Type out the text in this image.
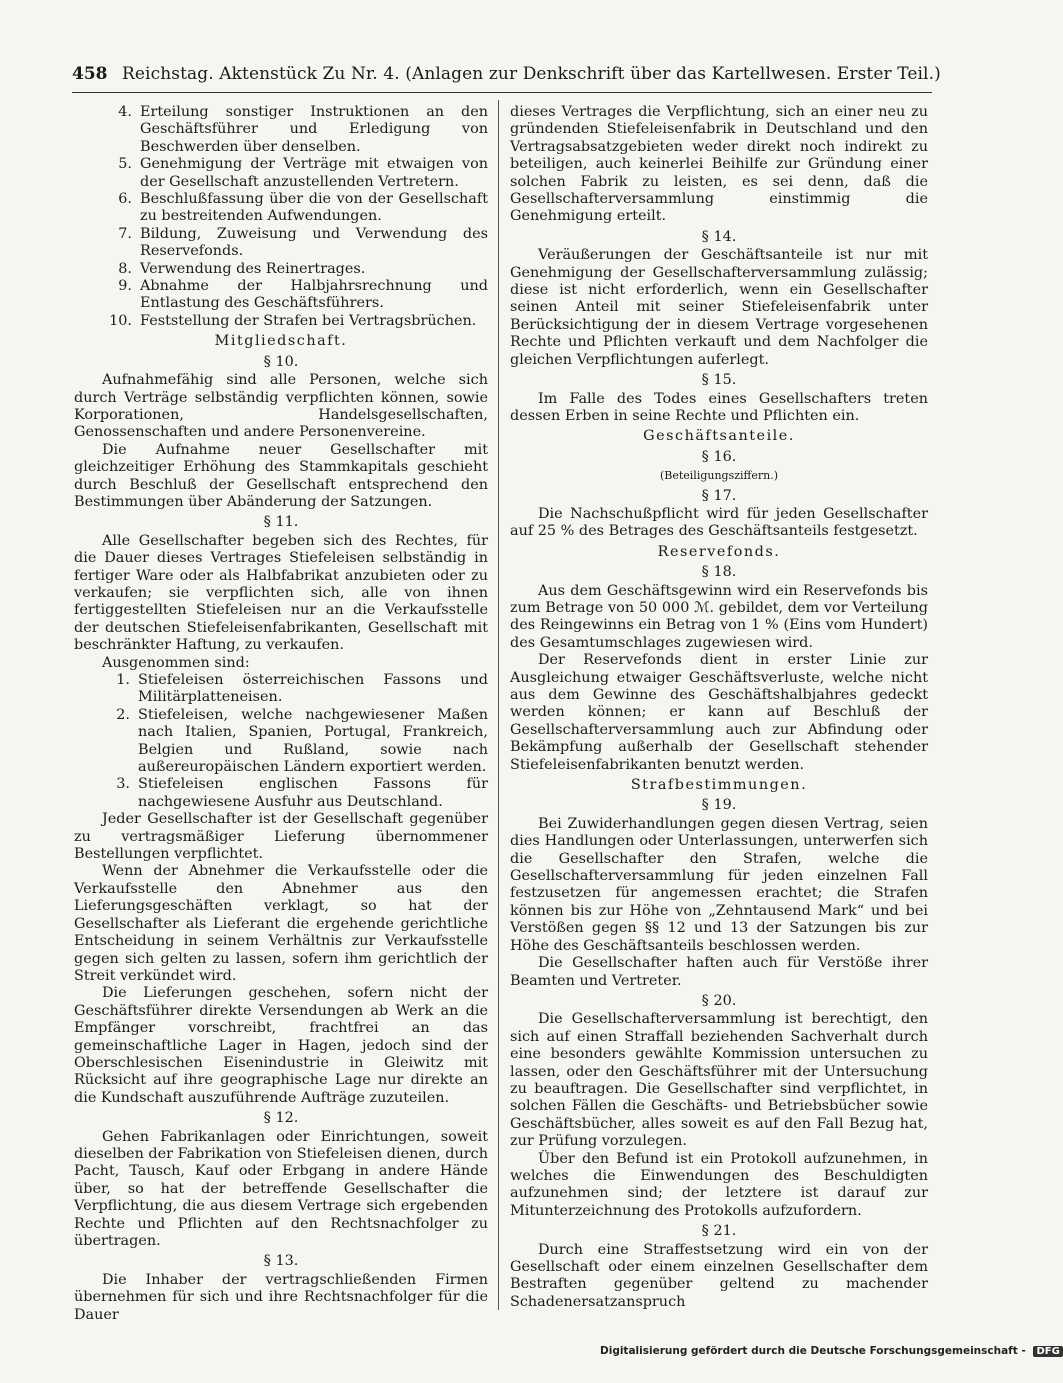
458 Reichstag. Aktenstück Zu Nr. 4. (Anlagen zur Denkschrift über das Kartellwesen. Erster Teil.)
4. Erteilung sonstiger Instruktionen an den Geschäftsführer und Erledigung von Beschwerden über denselben.
5. Genehmigung der Verträge mit etwaigen von der Gesellschaft anzustellenden Vertretern.
6. Beschlußfassung über die von der Gesellschaft zu bestreitenden Aufwendungen.
7. Bildung, Zuweisung und Verwendung des Reservefonds.
8. Verwendung des Reinertrages.
9. Abnahme der Halbjahrsrechnung und Entlastung des Geschäftsführers.
10. Feststellung der Strafen bei Vertragsbrüchen.
Mitgliedschaft.
§ 10.

Aufnahmefähig sind alle Personen, welche sich durch Verträge selbständig verpflichten können, sowie Korporationen, Handelsgesellschaften, Genossenschaften und andere Personenvereine.

Die Aufnahme neuer Gesellschafter mit gleichzeitiger Erhöhung des Stammkapitals geschieht durch Beschluß der Gesellschaft entsprechend den Bestimmungen über Abänderung der Satzungen.

§ 11.

Alle Gesellschafter begeben sich des Rechtes, für die Dauer dieses Vertrages Stiefeleisen selbständig in fertiger Ware oder als Halbfabrikat anzubieten oder zu verkaufen; sie verpflichten sich, alle von ihnen fertiggestellten Stiefeleisen nur an die Verkaufsstelle der deutschen Stiefeleisenfabrikanten, Gesellschaft mit beschränkter Haftung, zu verkaufen.

Ausgenommen sind:

1. Stiefeleisen österreichischen Fassons und Militärplatteneisen.
2. Stiefeleisen, welche nachgewiesener Maßen nach Italien, Spanien, Portugal, Frankreich, Belgien und Rußland, sowie nach außereuropäischen Ländern exportiert werden.
3. Stiefeleisen englischen Fassons für nachgewiesene Ausfuhr aus Deutschland.

Jeder Gesellschafter ist der Gesellschaft gegenüber zu vertragsmäßiger Lieferung übernommener Bestellungen verpflichtet.

Wenn der Abnehmer die Verkaufsstelle oder die Verkaufsstelle den Abnehmer aus den Lieferungsgeschäften verklagt, so hat der Gesellschafter als Lieferant die ergehende gerichtliche Entscheidung in seinem Verhältnis zur Verkaufsstelle gegen sich gelten zu lassen, sofern ihm gerichtlich der Streit verkündet wird.

Die Lieferungen geschehen, sofern nicht der Geschäftsführer direkte Versendungen ab Werk an die Empfänger vorschreibt, frachtfrei an das gemeinschaftliche Lager in Hagen, jedoch sind der Oberschlesischen Eisenindustrie in Gleiwitz mit Rücksicht auf ihre geographische Lage nur direkte an die Kundschaft auszuführende Aufträge zuzuteilen.

§ 12.

Gehen Fabrikanlagen oder Einrichtungen, soweit dieselben der Fabrikation von Stiefeleisen dienen, durch Pacht, Tausch, Kauf oder Erbgang in andere Hände über, so hat der betreffende Gesellschafter die Verpflichtung, die aus diesem Vertrage sich ergebenden Rechte und Pflichten auf den Rechtsnachfolger zu übertragen.

§ 13.

Die Inhaber der vertragschließenden Firmen übernehmen für sich und ihre Rechtsnachfolger für die Dauer

dieses Vertrages die Verpflichtung, sich an einer neu zu gründenden Stiefeleisenfabrik in Deutschland und den Vertragsabsatzgebieten weder direkt noch indirekt zu beteiligen, auch keinerlei Beihilfe zur Gründung einer solchen Fabrik zu leisten, es sei denn, daß die Gesellschafterversammlung einstimmig die Genehmigung erteilt.

§ 14.

Veräußerungen der Geschäftsanteile ist nur mit Genehmigung der Gesellschafterversammlung zulässig; diese ist nicht erforderlich, wenn ein Gesellschafter seinen Anteil mit seiner Stiefeleisenfabrik unter Berücksichtigung der in diesem Vertrage vorgesehenen Rechte und Pflichten verkauft und dem Nachfolger die gleichen Verpflichtungen auferlegt.

§ 15.

Im Falle des Todes eines Gesellschafters treten dessen Erben in seine Rechte und Pflichten ein.

Geschäftsanteile.
§ 16.
(Beteiligungsziffern.)
§ 17.

Die Nachschußpflicht wird für jeden Gesellschafter auf 25 % des Betrages des Geschäftsanteils festgesetzt.

Reservefonds.
§ 18.

Aus dem Geschäftsgewinn wird ein Reservefonds bis zum Betrage von 50 000 ℳ. gebildet, dem vor Verteilung des Reingewinns ein Betrag von 1 % (Eins vom Hundert) des Gesamtumschlages zugewiesen wird.

Der Reservefonds dient in erster Linie zur Ausgleichung etwaiger Geschäftsverluste, welche nicht aus dem Gewinne des Geschäftshalbjahres gedeckt werden können; er kann auf Beschluß der Gesellschafterversammlung auch zur Abfindung oder Bekämpfung außerhalb der Gesellschaft stehender Stiefeleisenfabrikanten benutzt werden.

Strafbestimmungen.
§ 19.

Bei Zuwiderhandlungen gegen diesen Vertrag, seien dies Handlungen oder Unterlassungen, unterwerfen sich die Gesellschafter den Strafen, welche die Gesellschafterversammlung für jeden einzelnen Fall festzusetzen für angemessen erachtet; die Strafen können bis zur Höhe von „Zehntausend Mark“ und bei Verstößen gegen §§ 12 und 13 der Satzungen bis zur Höhe des Geschäftsanteils beschlossen werden.

Die Gesellschafter haften auch für Verstöße ihrer Beamten und Vertreter.

§ 20.

Die Gesellschafterversammlung ist berechtigt, den sich auf einen Straffall beziehenden Sachverhalt durch eine besonders gewählte Kommission untersuchen zu lassen, oder den Geschäftsführer mit der Untersuchung zu beauftragen. Die Gesellschafter sind verpflichtet, in solchen Fällen die Geschäfts- und Betriebsbücher sowie Geschäftsbücher, alles soweit es auf den Fall Bezug hat, zur Prüfung vorzulegen.

Über den Befund ist ein Protokoll aufzunehmen, in welches die Einwendungen des Beschuldigten aufzunehmen sind; der letztere ist darauf zur Mitunterzeichnung des Protokolls aufzufordern.

§ 21.

Durch eine Straffestsetzung wird ein von der Gesellschaft oder einem einzelnen Gesellschafter dem Bestraften gegenüber geltend zu machender Schadenersatzanspruch

Digitalisierung gefördert durch die Deutsche Forschungsgemeinschaft - DFG
